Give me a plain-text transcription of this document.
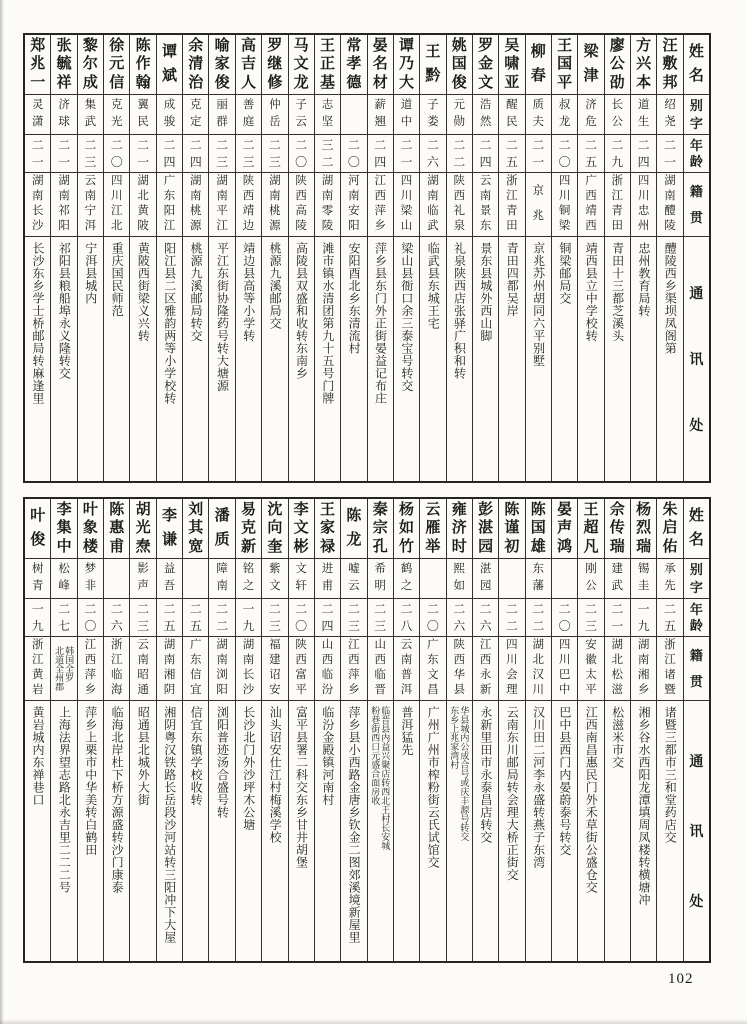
姓
名
别
字
年
龄
籍
贯
通
讯
处
汪
敷
邦
绍
尧
二
一
湖
南
醴
陵
醴陵西乡渠坝凤阁第
方
兴
本
道
生
二
四
四
川
忠
州
忠州教育局转
廖
公
劭
长
公
二
九
浙
江
青
田
青田十三都芝溪头
梁
津
济
危
二
五
广
西
靖
西
靖西县立中学校转
王
国
平
叔
龙
二
〇
四
川
铜
梁
铜梁邮局交
柳
春
质
夫
二
一
京
兆
京兆苏州胡同六平别墅
吴
啸
亚
醒
民
二
五
浙
江
青
田
青田四都吴岸
罗
金
文
浩
然
二
四
云
南
景
东
景东县城外西山脚
姚
国
俊
元
勋
二
二
陕
西
礼
泉
礼泉陕西店张驿广积和转
王
黔
子
娄
二
六
湖
南
临
武
临武县东城王宅
谭
乃
大
道
中
二
一
四
川
梁
山
梁山县衙口余三泰宝号转交
晏
名
材
薪
翘
二
四
江
西
萍
乡
萍乡县东门外正街晏益记布庄
常
孝
德
二
〇
河
南
安
阳
安阳酉北乡东清流村
王
正
基
志
坚
三
二
湖
南
零
陵
滩市镇水清团第九十五号门牌
马
文
龙
子
云
二
〇
陕
西
高
陵
高陵县双盛和收转东南乡
罗
继
修
仲
岳
二
三
湖
南
桃
源
桃源九溪邮局交
高
吉
人
善
庭
二
三
陕
西
靖
边
靖边县高等小学转
喻
家
俊
丽
群
二
三
湖
南
平
江
平江东街协隆药号转大塘源
余
清
治
克
定
二
四
湖
南
桃
源
桃源九溪邮局转交
谭
斌
成
骏
二
四
广
东
阳
江
阳江县二区雅韵两等小学校转
陈
作
翰
翼
民
二
一
湖
北
黄
陂
黄陂西街梁义兴转
徐
元
信
克
光
二
〇
四
川
江
北
重庆国民师范
黎
尔
成
集
武
二
三
云
南
宁
洱
宁洱县城内
张
毓
祥
济
球
二
一
湖
南
祁
阳
祁阳县粮船埠永义隆转交
郑
兆
一
灵
潇
二
一
湖
南
长
沙
长沙东乡学士桥邮局转麻逢里
姓
名
别
字
年
龄
籍
贯
通
讯
处
朱
启
佑
承
先
二
五
浙
江
诸
暨
诸暨三都市三和堂药店交
杨
烈
瑞
锡
圭
一
九
湖
南
湘
乡
湘乡谷水西阳龙潭填周凤楼转横塘冲
佘
传
瑞
建
武
二
一
湖
北
松
滋
松滋米市交
王
超
凡
刚
公
二
三
安
徽
太
平
江西南昌惠民门外禾草街公盛仓交
晏
声
鸿
二
〇
四
川
巴
中
巴中县西门内晏蔚泰号转交
陈
国
雄
东
藩
二
二
湖
北
汉
川
汉川田二河李永盛转燕子东湾
陈
谨
初
二
二
四
川
会
理
云南东川邮局转会理大桥正街交
彭
湛
园
湛
园
二
六
江
西
永
新
永新里田市永泰昌店转交
雍
济
时
熙
如
二
六
陕
西
华
县
华县城内公成合号或庆丰源号转交
东乡上兆家湾村
云
雁
举
二
〇
广
东
文
昌
广州广州市榨粉街云氏试馆交
杨
如
竹
鹤
之
二
八
云
南
普
洱
普洱猛先
秦
宗
孔
希
明
二
三
山
西
临
晋
临晋县内益兴聚店转西北王村长安城
粉巷街西口元盛合面房收
陈
龙
嘘
云
二
三
江
西
萍
乡
萍乡县小西路金唐乡钦金二图郊溪境新屋里
王
家
禄
进
甫
二
四
山
西
临
汾
临汾金殿镇河南村
李
文
彬
文
轩
二
〇
陕
西
富
平
富平县署二科交东乡甘井胡堡
沈
向
奎
紫
文
二
三
福
建
诏
安
汕头诏安仕江村梅溪学校
易
克
新
铭
之
一
九
湖
南
长
沙
长沙北门外沙坪木公塘
潘
质
障
南
二
二
湖
南
浏
阳
浏阳普迹汤合盛号转
刘
其
宽
二
五
广
东
信
宜
信宜东镇学校收转
李
谦
益
吾
二
五
湖
南
湘
阴
湘阴粤汉铁路长岳段沙河站转三阳冲下大屋
胡
光
焘
影
声
二
三
云
南
昭
通
昭通县北城外大街
陈
惠
甫
二
六
浙
江
临
海
临海北岸杜下桥方源盛转沙门康泰
叶
象
楼
梦
非
二
〇
江
西
萍
乡
萍乡上栗市中华美转白鹤田
李
集
中
松
峰
二
七
韩国全罗
北道全州郡
上海法界望志路北永吉里二二二号
叶
俊
树
青
一
九
浙
江
黄
岩
黄岩城内东禅巷口
102
